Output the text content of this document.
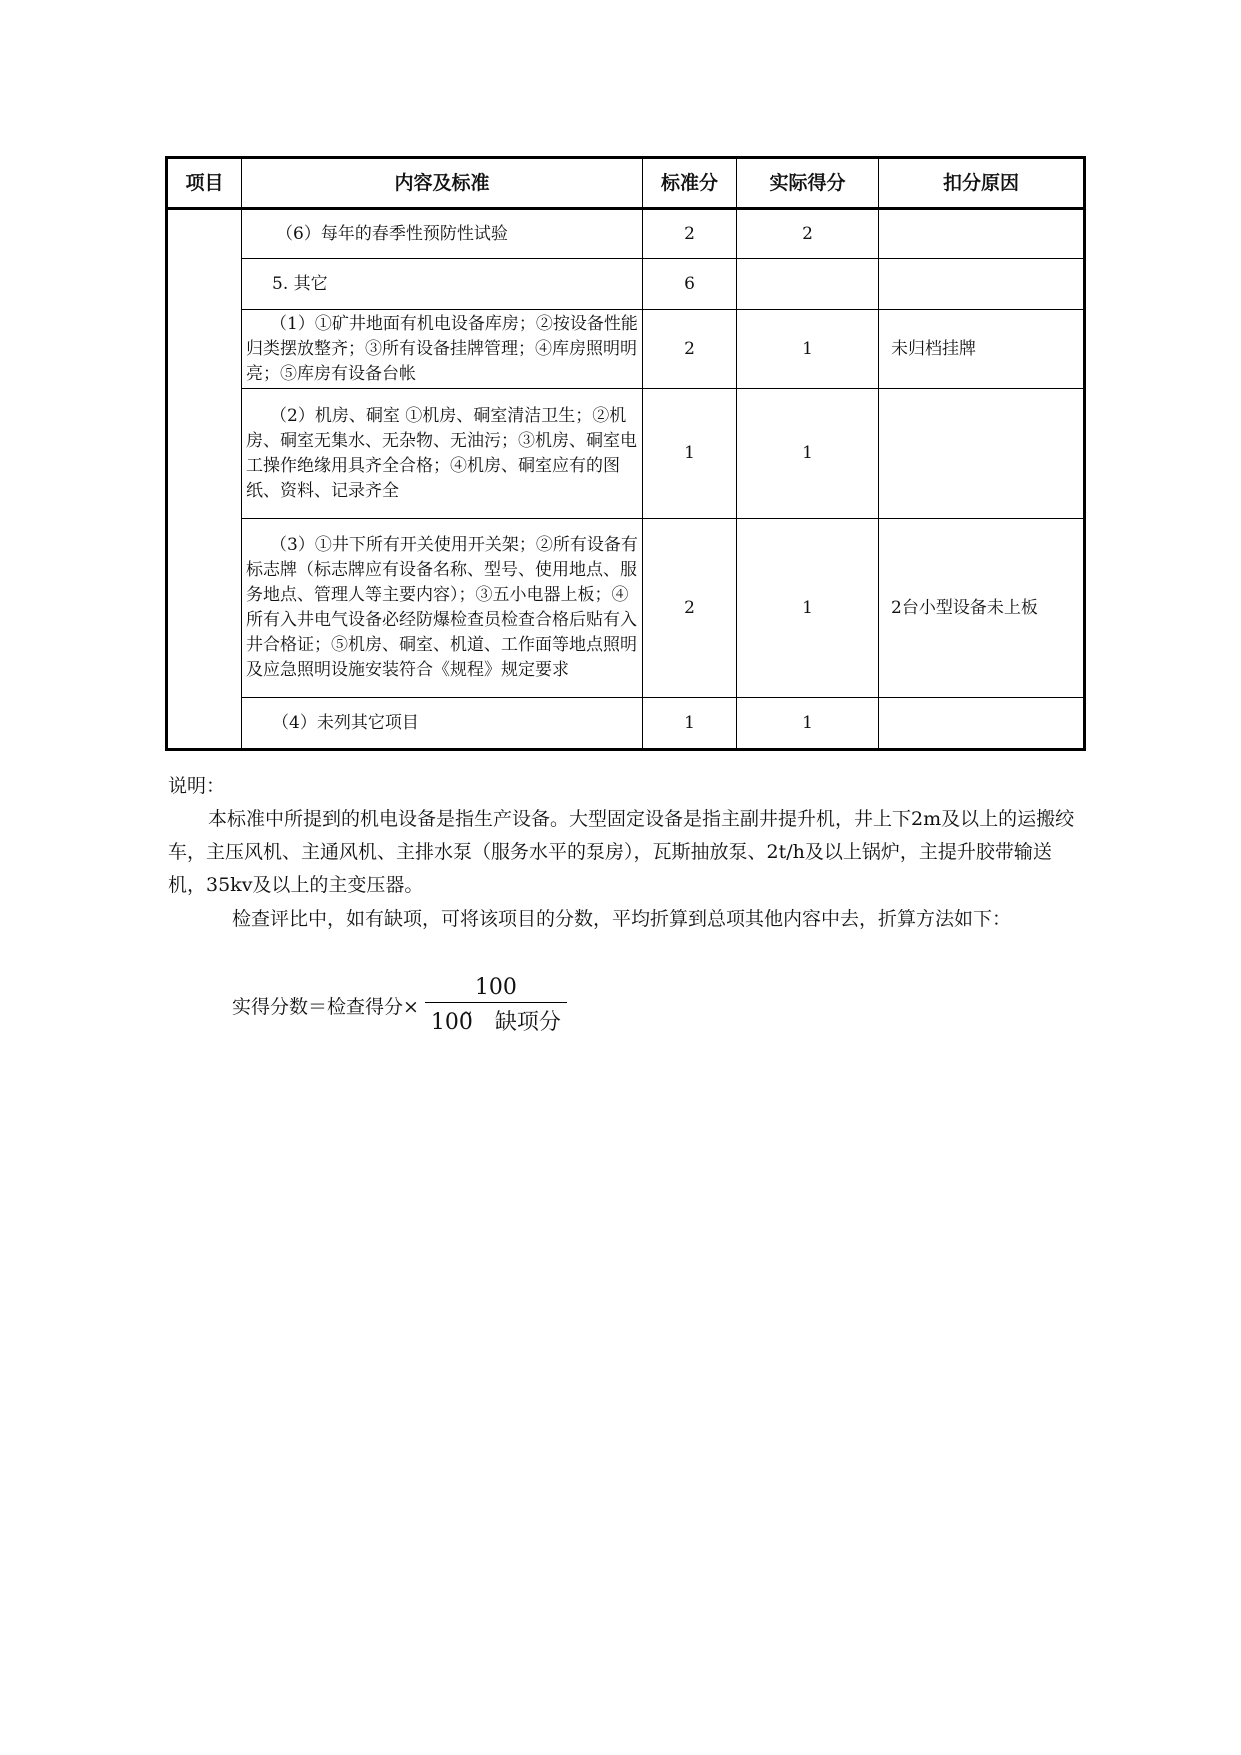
项目	内容及标准	标准分	实际得分	扣分原因
	（6）每年的春季性预防性试验	2	2	
	5. 其它	6		
	（1）①矿井地面有机电设备库房；②按设备性能归类摆放整齐；③所有设备挂牌管理；④库房照明明亮；⑤库房有设备台帐	2	1	未归档挂牌
	（2）机房、硐室 ①机房、硐室清洁卫生；②机房、硐室无集水、无杂物、无油污；③机房、硐室电工操作绝缘用具齐全合格；④机房、硐室应有的图纸、资料、记录齐全	1	1	
	（3）①井下所有开关使用开关架；②所有设备有标志牌（标志牌应有设备名称、型号、使用地点、服务地点、管理人等主要内容）；③五小电器上板；④所有入井电气设备必经防爆检查员检查合格后贴有入井合格证；⑤机房、硐室、机道、工作面等地点照明及应急照明设施安装符合《规程》规定要求	2	1	2台小型设备未上板
	（4）未列其它项目	1	1	
说明：
本标准中所提到的机电设备是指生产设备。大型固定设备是指主副井提升机，井上下2m及以上的运搬绞车，主压风机、主通风机、主排水泵（服务水平的泵房），瓦斯抽放泵、2t/h及以上锅炉，主提升胶带输送机，35kv及以上的主变压器。
检查评比中，如有缺项，可将该项目的分数，平均折算到总项其他内容中去，折算方法如下：
实得分数＝检查得分× $\frac{100}{\text{100̃　缺项分}}$
